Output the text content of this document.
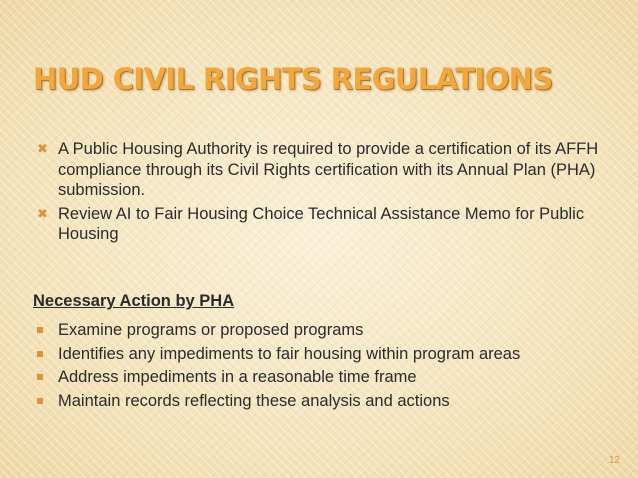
HUD CIVIL RIGHTS REGULATIONS
✖ A Public Housing Authority is required to provide a certification of its AFFH compliance through its Civil Rights certification with its Annual Plan (PHA) submission.
✖ Review AI to Fair Housing Choice Technical Assistance Memo for Public Housing
Necessary Action by PHA
Examine programs or proposed programs
Identifies any impediments to fair housing within program areas
Address impediments in a reasonable time frame
Maintain records reflecting these analysis and actions
12
